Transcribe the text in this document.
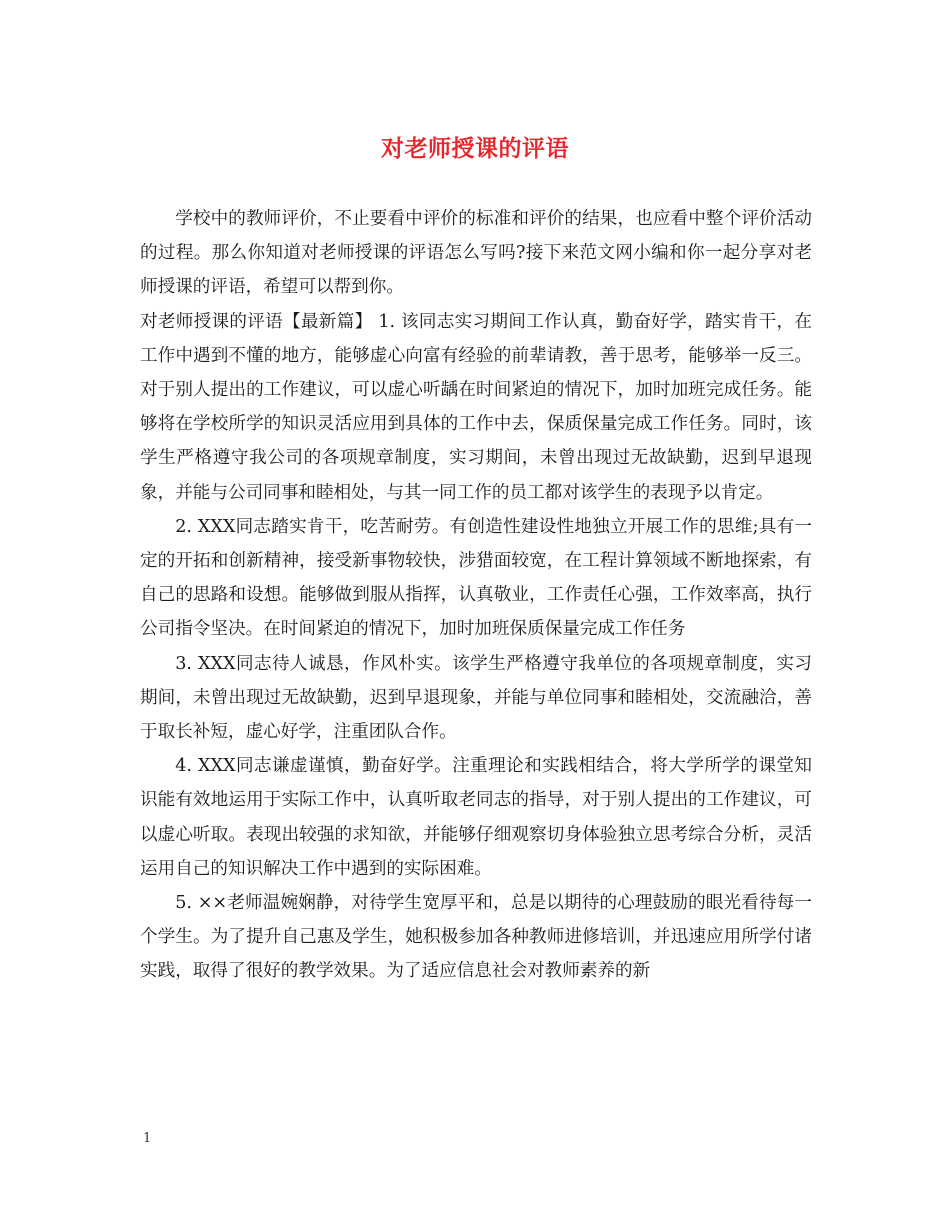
对老师授课的评语

学校中的教师评价，不止要看中评价的标准和评价的结果，也应看中整个评价活动的过程。那么你知道对老师授课的评语怎么写吗?接下来范文网小编和你一起分享对老师授课的评语，希望可以帮到你。

对老师授课的评语【最新篇】 1. 该同志实习期间工作认真，勤奋好学，踏实肯干，在工作中遇到不懂的地方，能够虚心向富有经验的前辈请教，善于思考，能够举一反三。对于别人提出的工作建议，可以虚心听龋在时间紧迫的情况下，加时加班完成任务。能够将在学校所学的知识灵活应用到具体的工作中去，保质保量完成工作任务。同时，该学生严格遵守我公司的各项规章制度，实习期间，未曾出现过无故缺勤，迟到早退现象，并能与公司同事和睦相处，与其一同工作的员工都对该学生的表现予以肯定。

2. XXX同志踏实肯干，吃苦耐劳。有创造性建设性地独立开展工作的思维;具有一定的开拓和创新精神，接受新事物较快，涉猎面较宽，在工程计算领域不断地探索，有自己的思路和设想。能够做到服从指挥，认真敬业，工作责任心强，工作效率高，执行公司指令坚决。在时间紧迫的情况下，加时加班保质保量完成工作任务

3. XXX同志待人诚恳，作风朴实。该学生严格遵守我单位的各项规章制度，实习期间，未曾出现过无故缺勤，迟到早退现象，并能与单位同事和睦相处，交流融洽，善于取长补短，虚心好学，注重团队合作。

4. XXX同志谦虚谨慎，勤奋好学。注重理论和实践相结合，将大学所学的课堂知识能有效地运用于实际工作中，认真听取老同志的指导，对于别人提出的工作建议，可以虚心听取。表现出较强的求知欲，并能够仔细观察切身体验独立思考综合分析，灵活运用自己的知识解决工作中遇到的实际困难。

5. ××老师温婉娴静，对待学生宽厚平和，总是以期待的心理鼓励的眼光看待每一个学生。为了提升自己惠及学生，她积极参加各种教师进修培训，并迅速应用所学付诸实践，取得了很好的教学效果。为了适应信息社会对教师素养的新

1
